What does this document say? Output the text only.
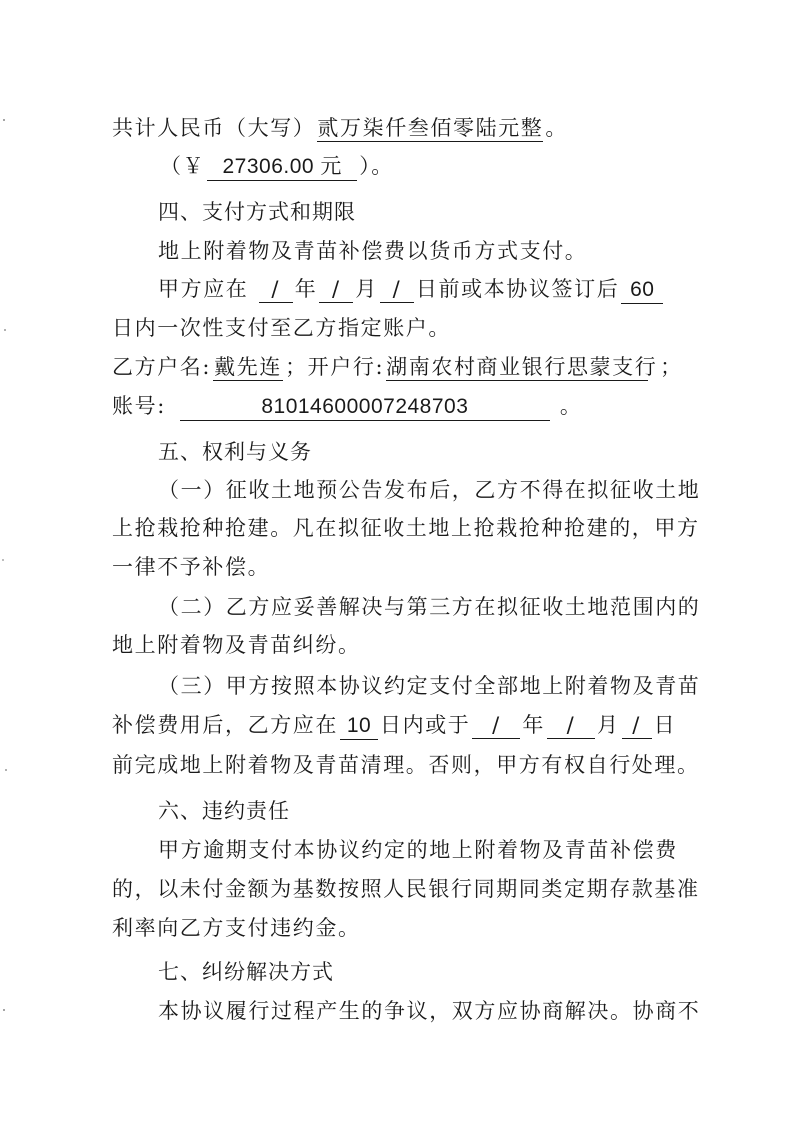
共计人民币（大写）贰万柒仟叁佰零陆元整。
（￥ 27306.00 元 ）。
四、支付方式和期限
地上附着物及青苗补偿费以货币方式支付。
甲方应在 / 年 / 月 / 日前或本协议签订后 60
日内一次性支付至乙方指定账户。
乙方户名: 戴先连 ；开户行:湖南农村商业银行思蒙支行 ；
账号:	81014600007248703	。
五、权利与义务
（一）征收土地预公告发布后，乙方不得在拟征收土地
上抢栽抢种抢建。凡在拟征收土地上抢栽抢种抢建的，甲方
一律不予补偿。
（二）乙方应妥善解决与第三方在拟征收土地范围内的
地上附着物及青苗纠纷。
（三）甲方按照本协议约定支付全部地上附着物及青苗
补偿费用后，乙方应在 10 日内或于 / 年 / 月 / 日
前完成地上附着物及青苗清理。否则，甲方有权自行处理。
六、违约责任
甲方逾期支付本协议约定的地上附着物及青苗补偿费
的，以未付金额为基数按照人民银行同期同类定期存款基准
利率向乙方支付违约金。
七、纠纷解决方式
本协议履行过程产生的争议，双方应协商解决。协商不
